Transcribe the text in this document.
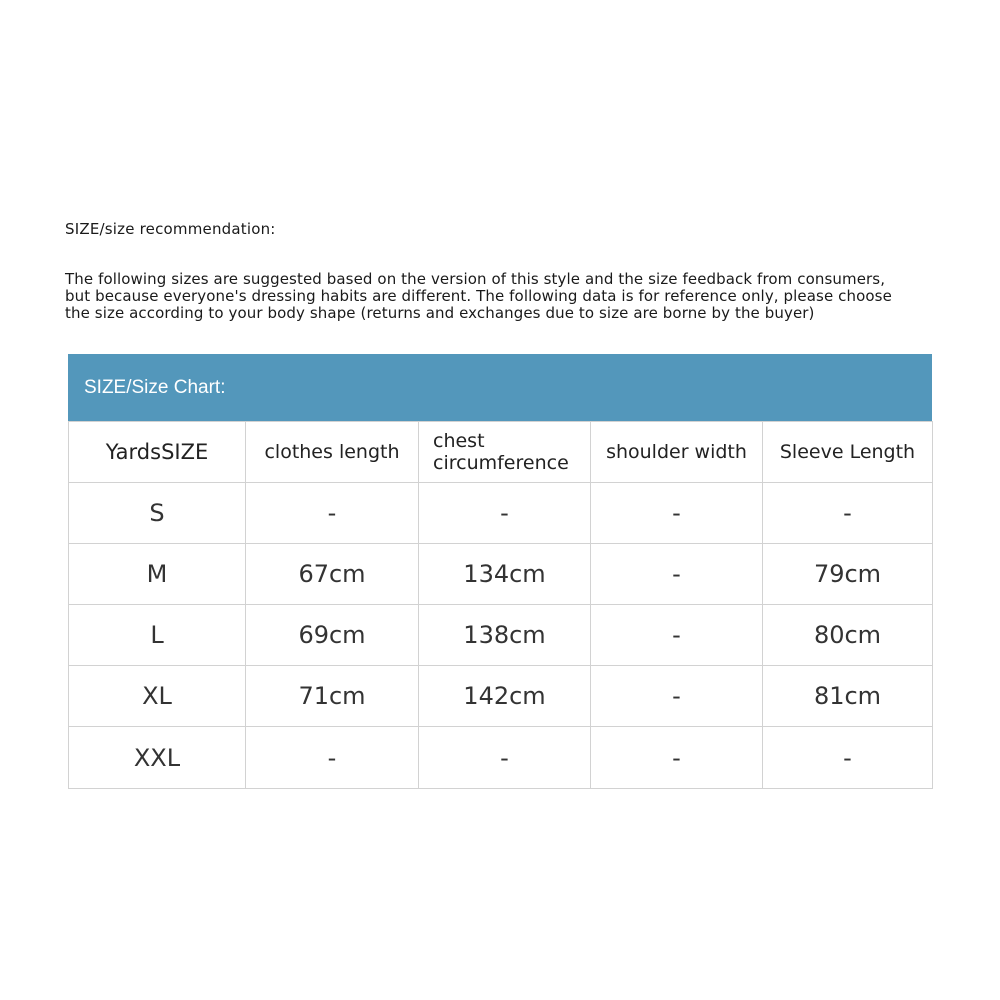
SIZE/size recommendation:
The following sizes are suggested based on the version of this style and the size feedback from consumers,
but because everyone's dressing habits are different. The following data is for reference only, please choose
the size according to your body shape (returns and exchanges due to size are borne by the buyer)
SIZE/Size Chart:
YardsSIZE	clothes length	chest circumference	shoulder width	Sleeve Length
S	-	-	-	-
M	67cm	134cm	-	79cm
L	69cm	138cm	-	80cm
XL	71cm	142cm	-	81cm
XXL	-	-	-	-
